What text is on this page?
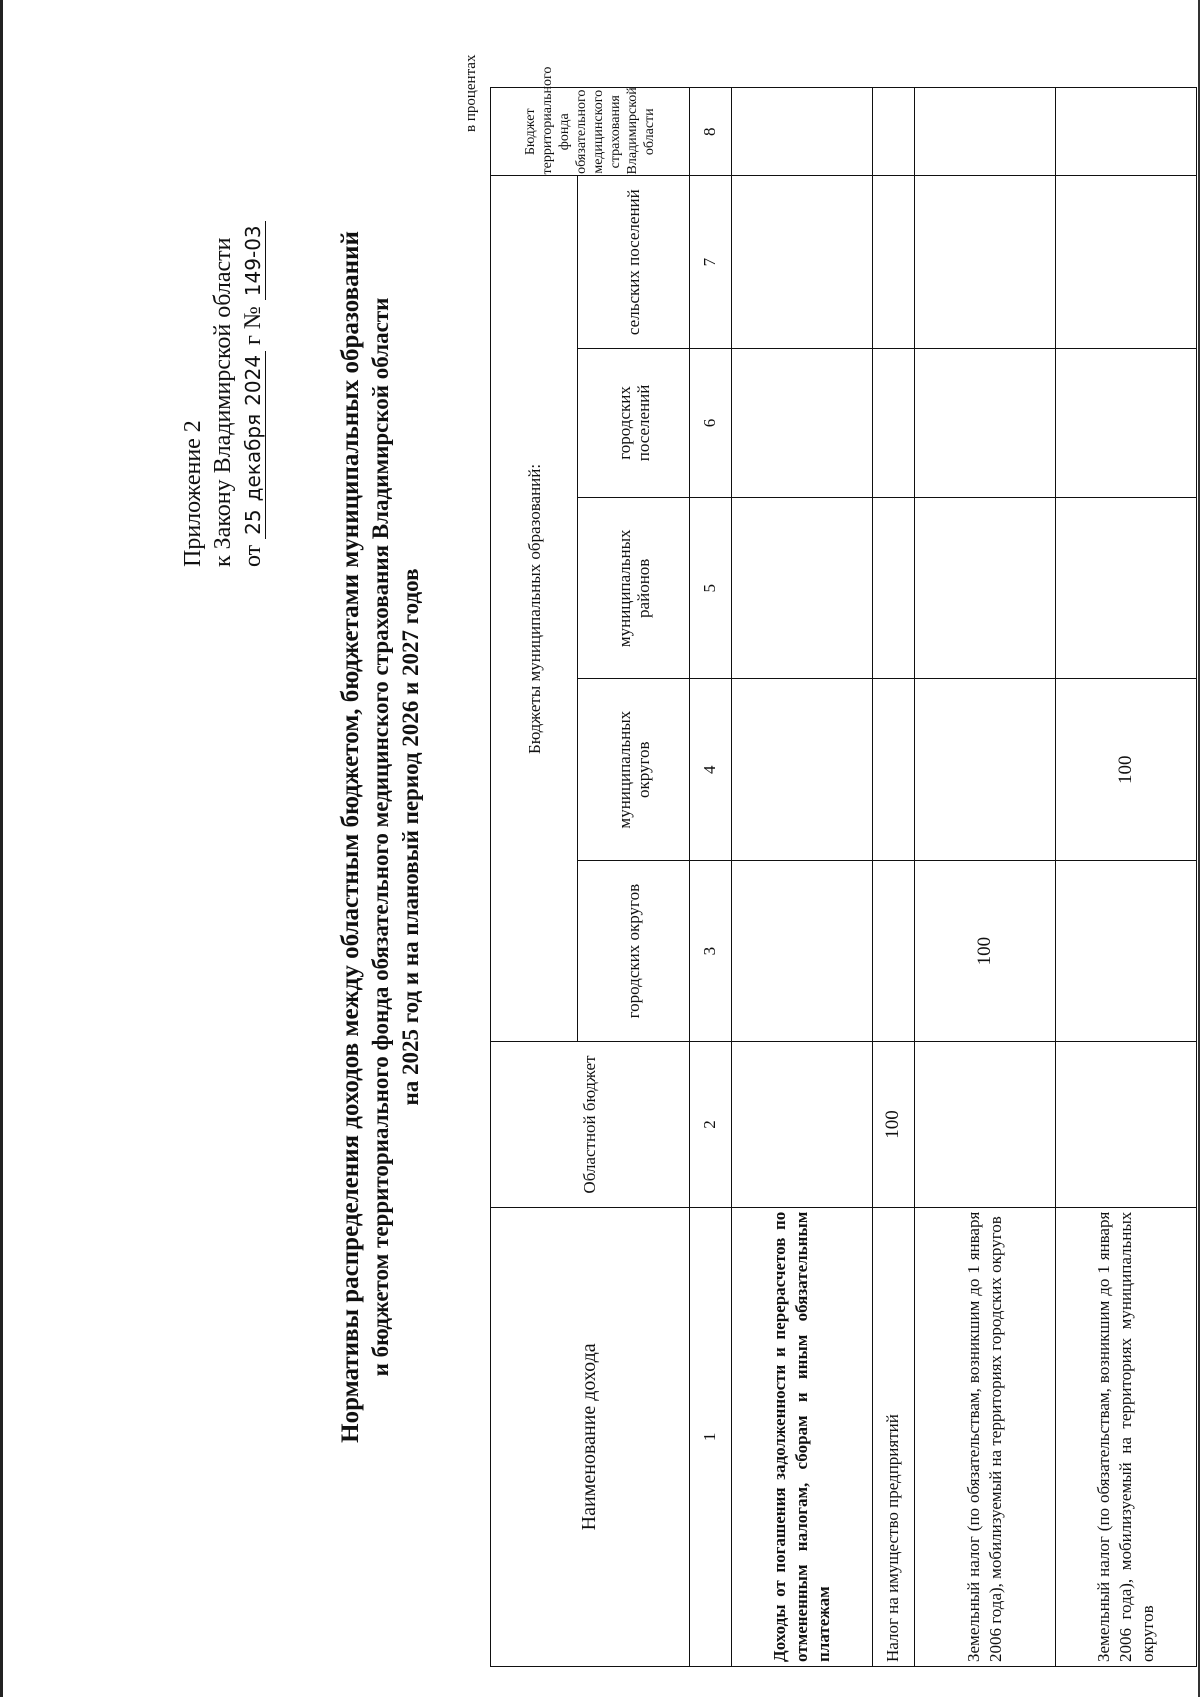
Приложение 2 к Закону Владимирской области от 25декабря2024 г № 149-03	Нормативы распределения доходов между областным бюджетом, бюджетами муниципальных образований и бюджетом территориального фонда обязательного медицинского страхования Владимирской области на 2025 год и на плановый период 2026 и 2027 годов
в процентах
Наименование дохода	Областной бюджет	Бюджеты муниципальных образований:					Бюджет территориального фонда обязательного медицинского страхования Владимирской области
		городских округов	муниципальных округов	муниципальных районов	городских поселений	сельских поселений	
1	2	3	4	5	6	7	8
Доходы от погашения задолженности и перерасчетов по отмененным налогам, сборам и иным обязательным платежам							
Налог на имущество предприятий	100						
Земельный налог (по обязательствам, возникшим до 1 января 2006 года), мобилизуемый на территориях городских округов		100					
Земельный налог (по обязательствам, возникшим до 1 января 2006 года), мобилизуемый на территориях муниципальных округов			100				
